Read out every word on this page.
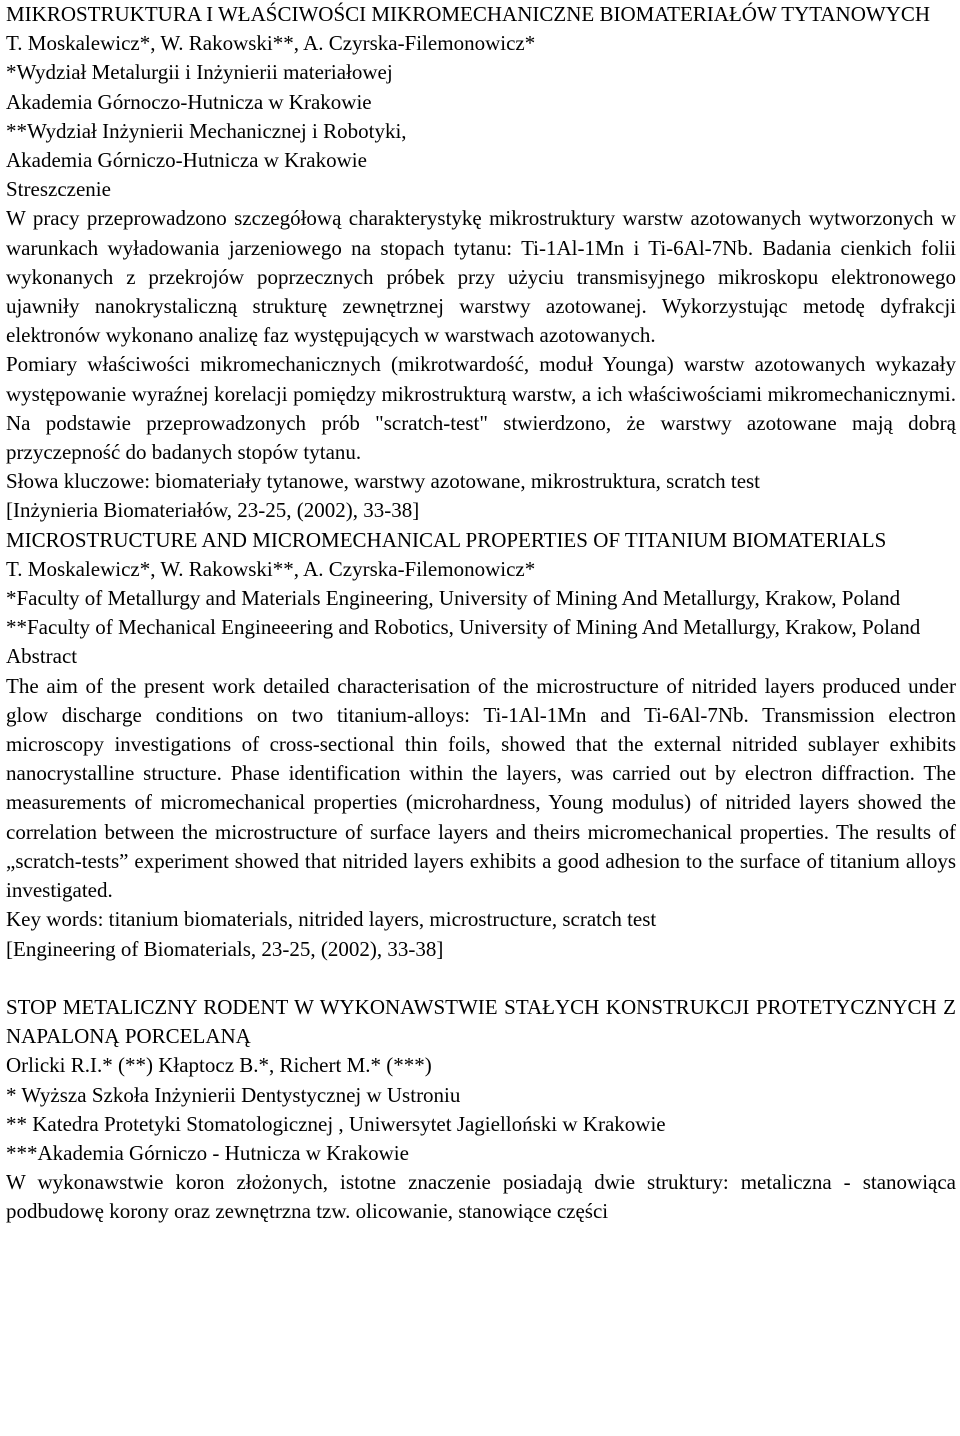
MIKROSTRUKTURA I WŁAŚCIWOŚCI MIKROMECHANICZNE BIOMATERIAŁÓW TYTANOWYCH

T. Moskalewicz*, W. Rakowski**, A. Czyrska-Filemonowicz*

*Wydział Metalurgii i Inżynierii materiałowej

Akademia Górnoczo-Hutnicza w Krakowie

**Wydział Inżynierii Mechanicznej i Robotyki,

Akademia Górniczo-Hutnicza w Krakowie

Streszczenie

W pracy przeprowadzono szczegółową charakterystykę mikrostruktury warstw azotowanych wytworzonych w warunkach wyładowania jarzeniowego na stopach tytanu: Ti-1Al-1Mn i Ti-6Al-7Nb. Badania cienkich folii wykonanych z przekrojów poprzecznych próbek przy użyciu transmisyjnego mikroskopu elektronowego ujawniły nanokrystaliczną strukturę zewnętrznej warstwy azotowanej. Wykorzystując metodę dyfrakcji elektronów wykonano analizę faz występujących w warstwach azotowanych.

Pomiary właściwości mikromechanicznych (mikrotwardość, moduł Younga) warstw azotowanych wykazały występowanie wyraźnej korelacji pomiędzy mikrostrukturą warstw, a ich właściwościami mikromechanicznymi. Na podstawie przeprowadzonych prób "scratch-test" stwierdzono, że warstwy azotowane mają dobrą przyczepność do badanych stopów tytanu.

Słowa kluczowe: biomateriały tytanowe, warstwy azotowane, mikrostruktura, scratch test

[Inżynieria Biomateriałów, 23-25, (2002), 33-38]

MICROSTRUCTURE AND MICROMECHANICAL PROPERTIES OF TITANIUM BIOMATERIALS

T. Moskalewicz*, W. Rakowski**, A. Czyrska-Filemonowicz*

*Faculty of Metallurgy and Materials Engineering, University of Mining And Metallurgy, Krakow, Poland

**Faculty of Mechanical Engineeering and Robotics, University of Mining And Metallurgy, Krakow, Poland

Abstract

The aim of the present work detailed characterisation of the microstructure of nitrided layers produced under glow discharge conditions on two titanium-alloys: Ti-1Al-1Mn and Ti-6Al-7Nb. Transmission electron microscopy investigations of cross-sectional thin foils, showed that the external nitrided sublayer exhibits nanocrystalline structure. Phase identification within the layers, was carried out by electron diffraction. The measurements of micromechanical properties (microhardness, Young modulus) of nitrided layers showed the correlation between the microstructure of surface layers and theirs micromechanical properties. The results of „scratch-tests” experiment showed that nitrided layers exhibits a good adhesion to the surface of titanium alloys investigated.

Key words: titanium biomaterials, nitrided layers, microstructure, scratch test

[Engineering of Biomaterials, 23-25, (2002), 33-38]

STOP METALICZNY RODENT W WYKONAWSTWIE STAŁYCH KONSTRUKCJI PROTETYCZNYCH Z NAPALONĄ PORCELANĄ

Orlicki R.I.* (**) Kłaptocz B.*, Richert M.* (***)

* Wyższa Szkoła Inżynierii Dentystycznej w Ustroniu

** Katedra Protetyki Stomatologicznej , Uniwersytet Jagielloński w Krakowie

***Akademia Górniczo - Hutnicza w Krakowie

W wykonawstwie koron złożonych, istotne znaczenie posiadają dwie struktury: metaliczna - stanowiąca podbudowę korony oraz zewnętrzna tzw. olicowanie, stanowiące części
